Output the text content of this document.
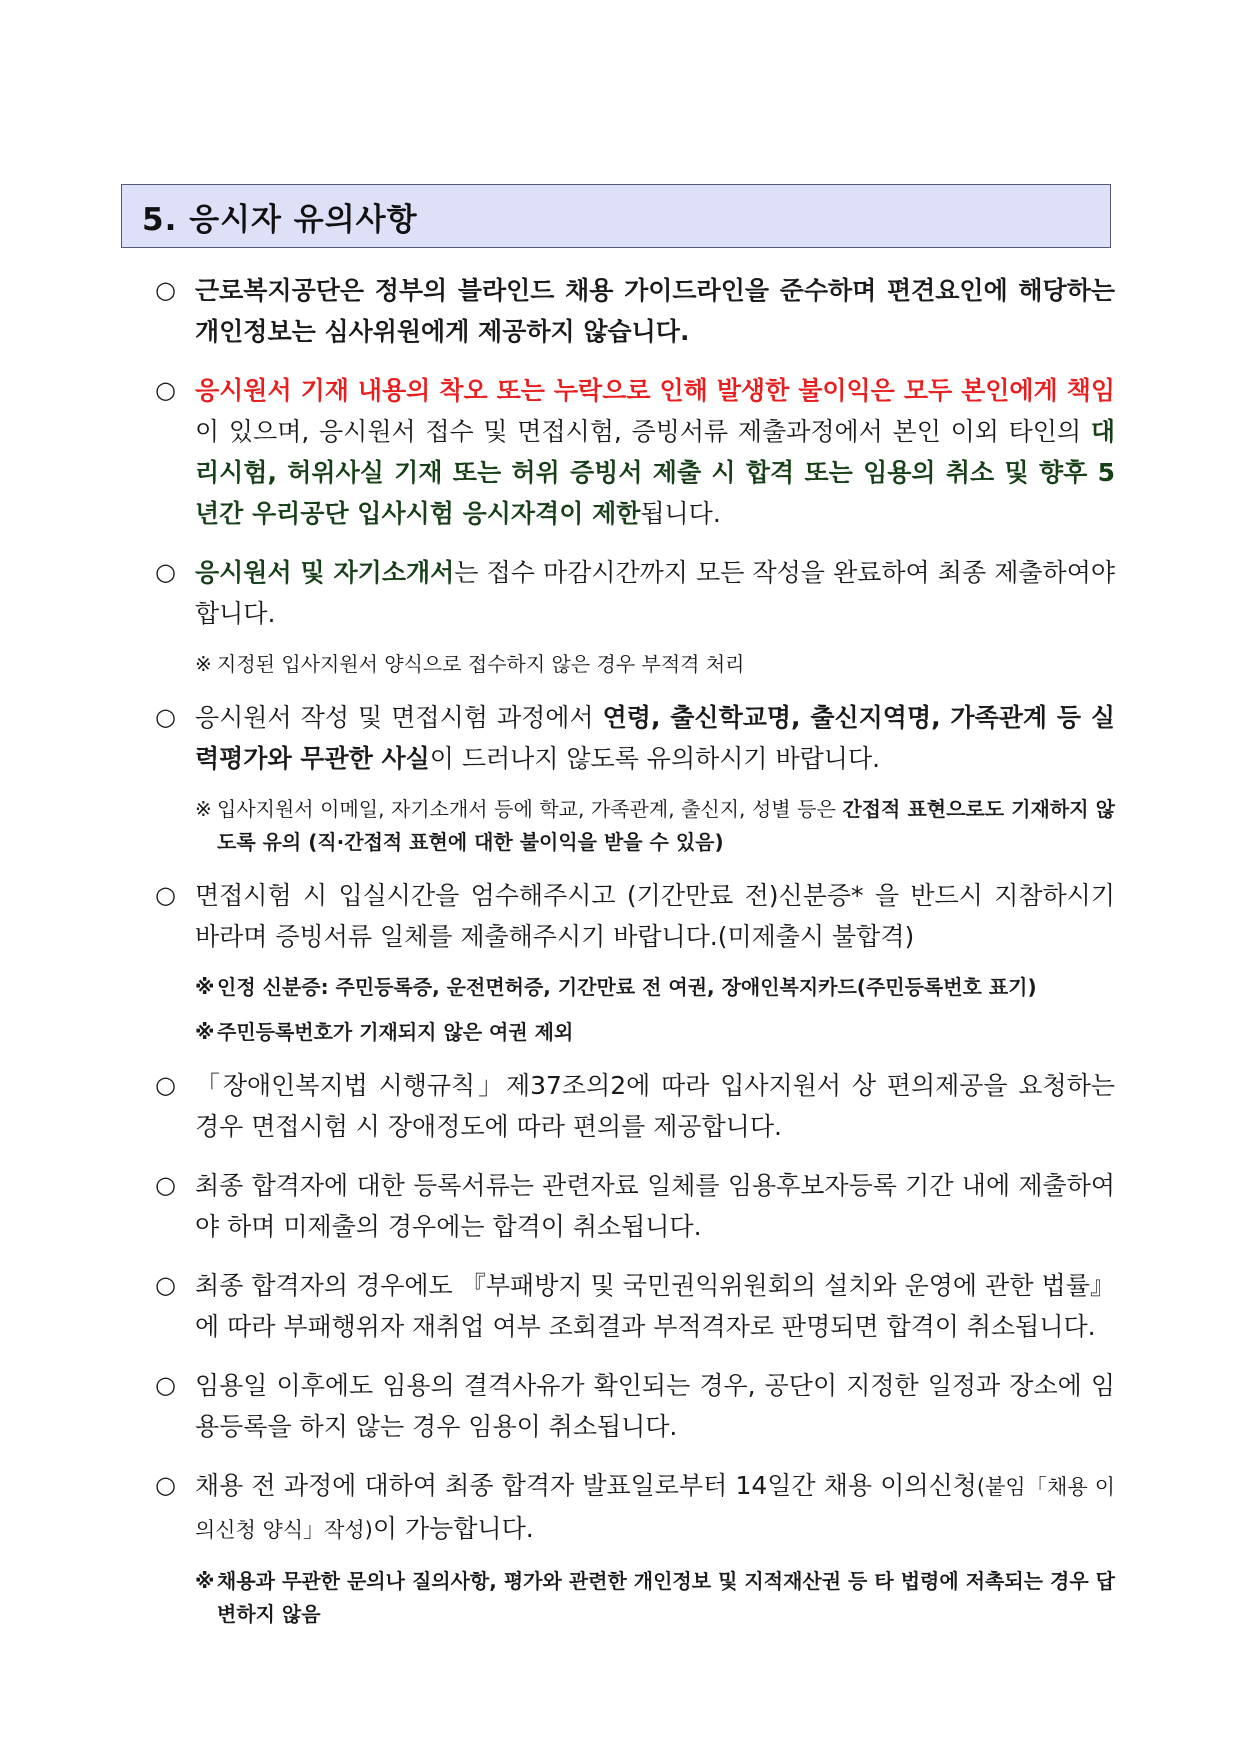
5. 응시자 유의사항
○ 근로복지공단은 정부의 블라인드 채용 가이드라인을 준수하며 편견요인에 해당하는 개인정보는 심사위원에게 제공하지 않습니다.
○ 응시원서 기재 내용의 착오 또는 누락으로 인해 발생한 불이익은 모두 본인에게 책임이 있으며, 응시원서 접수 및 면접시험, 증빙서류 제출과정에서 본인 이외 타인의 대리시험, 허위사실 기재 또는 허위 증빙서 제출 시 합격 또는 임용의 취소 및 향후 5년간 우리공단 입사시험 응시자격이 제한됩니다.
○ 응시원서 및 자기소개서는 접수 마감시간까지 모든 작성을 완료하여 최종 제출하여야 합니다.
※ 지정된 입사지원서 양식으로 접수하지 않은 경우 부적격 처리
○ 응시원서 작성 및 면접시험 과정에서 연령, 출신학교명, 출신지역명, 가족관계 등 실력평가와 무관한 사실이 드러나지 않도록 유의하시기 바랍니다.
※ 입사지원서 이메일, 자기소개서 등에 학교, 가족관계, 출신지, 성별 등은 간접적 표현으로도 기재하지 않도록 유의 (직·간접적 표현에 대한 불이익을 받을 수 있음)
○ 면접시험 시 입실시간을 엄수해주시고 (기간만료 전)신분증* 을 반드시 지참하시기 바라며 증빙서류 일체를 제출해주시기 바랍니다.(미제출시 불합격)
※ 인정 신분증: 주민등록증, 운전면허증, 기간만료 전 여권, 장애인복지카드(주민등록번호 표기)
※ 주민등록번호가 기재되지 않은 여권 제외
○ 「장애인복지법 시행규칙」제37조의2에 따라 입사지원서 상 편의제공을 요청하는 경우 면접시험 시 장애정도에 따라 편의를 제공합니다.
○ 최종 합격자에 대한 등록서류는 관련자료 일체를 임용후보자등록 기간 내에 제출하여야 하며 미제출의 경우에는 합격이 취소됩니다.
○ 최종 합격자의 경우에도 『부패방지 및 국민권익위원회의 설치와 운영에 관한 법률』에 따라 부패행위자 재취업 여부 조회결과 부적격자로 판명되면 합격이 취소됩니다.
○ 임용일 이후에도 임용의 결격사유가 확인되는 경우, 공단이 지정한 일정과 장소에 임용등록을 하지 않는 경우 임용이 취소됩니다.
○ 채용 전 과정에 대하여 최종 합격자 발표일로부터 14일간 채용 이의신청(붙임「채용 이의신청 양식」작성)이 가능합니다.
※ 채용과 무관한 문의나 질의사항, 평가와 관련한 개인정보 및 지적재산권 등 타 법령에 저촉되는 경우 답변하지 않음
